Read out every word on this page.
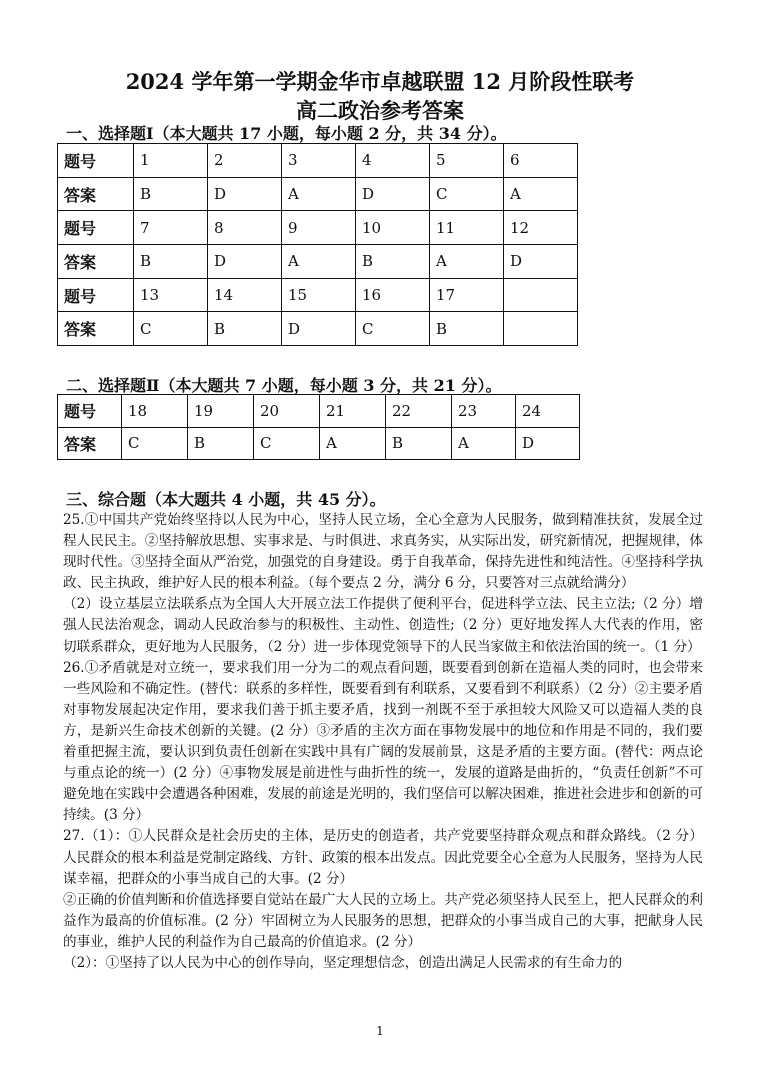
2024 学年第一学期金华市卓越联盟 12 月阶段性联考
高二政治参考答案
一、选择题Ⅰ（本大题共 17 小题，每小题 2 分，共 34 分）。
题号	1	2	3	4	5	6
答案	B	D	A	D	C	A
题号	7	8	9	10	11	12
答案	B	D	A	B	A	D
题号	13	14	15	16	17	
答案	C	B	D	C	B	
二、选择题Ⅱ（本大题共 7 小题，每小题 3 分，共 21 分）。
题号	18	19	20	21	22	23	24
答案	C	B	C	A	B	A	D
三、综合题（本大题共 4 小题，共 45 分）。

25.①中国共产党始终坚持以人民为中心，坚持人民立场，全心全意为人民服务，做到精准扶贫，发展全过程人民民主。②坚持解放思想、实事求是、与时俱进、求真务实，从实际出发，研究新情况，把握规律，体现时代性。③坚持全面从严治党，加强党的自身建设。勇于自我革命，保持先进性和纯洁性。④坚持科学执政、民主执政，维护好人民的根本利益。（每个要点 2 分，满分 6 分，只要答对三点就给满分）

（2）设立基层立法联系点为全国人大开展立法工作提供了便利平台，促进科学立法、民主立法;（2 分）增强人民法治观念，调动人民政治参与的积极性、主动性、创造性;（2 分）更好地发挥人大代表的作用，密切联系群众，更好地为人民服务，（2 分）进一步体现党领导下的人民当家做主和依法治国的统一。（1 分）

26.①矛盾就是对立统一，要求我们用一分为二的观点看问题，既要看到创新在造福人类的同时，也会带来一些风险和不确定性。(替代：联系的多样性，既要看到有利联系，又要看到不利联系）（2 分）②主要矛盾对事物发展起决定作用，要求我们善于抓主要矛盾，找到一剂既不至于承担较大风险又可以造福人类的良方，是新兴生命技术创新的关键。(2 分）③矛盾的主次方面在事物发展中的地位和作用是不同的，我们要着重把握主流，要认识到负责任创新在实践中具有广阔的发展前景，这是矛盾的主要方面。(替代：两点论与重点论的统一）(2 分）④事物发展是前进性与曲折性的统一，发展的道路是曲折的，“负责任创新”不可避免地在实践中会遭遇各种困难，发展的前途是光明的，我们坚信可以解决困难，推进社会进步和创新的可持续。(3 分）

27.（1）：①人民群众是社会历史的主体，是历史的创造者，共产党要坚持群众观点和群众路线。（2 分）人民群众的根本利益是党制定路线、方针、政策的根本出发点。因此党要全心全意为人民服务，坚持为人民谋幸福，把群众的小事当成自己的大事。(2 分）

②正确的价值判断和价值选择要自觉站在最广大人民的立场上。共产党必须坚持人民至上，把人民群众的利益作为最高的价值标准。(2 分）牢固树立为人民服务的思想，把群众的小事当成自己的大事，把献身人民的事业，维护人民的利益作为自己最高的价值追求。(2 分）

（2）：①坚持了以人民为中心的创作导向，坚定理想信念，创造出满足人民需求的有生命力的

1
